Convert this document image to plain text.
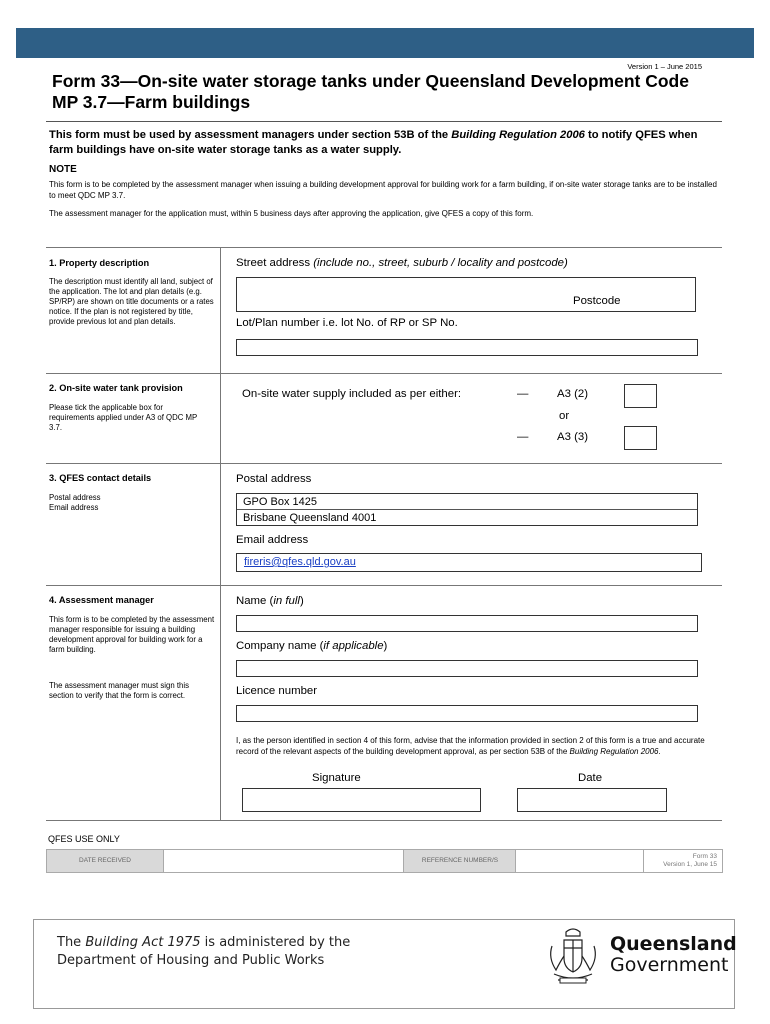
Version 1 – June 2015
Form 33—On-site water storage tanks under Queensland Development Code
MP 3.7—Farm buildings
This form must be used by assessment managers under section 53B of the Building Regulation 2006 to notify QFES when farm buildings have on-site water storage tanks as a water supply.
NOTE
This form is to be completed by the assessment manager when issuing a building development approval for building work for a farm building, if on-site water storage tanks are to be installed to meet QDC MP 3.7.
The assessment manager for the application must, within 5 business days after approving the application, give QFES a copy of this form.
1. Property description
The description must identify all land, subject of the application. The lot and plan details (e.g. SP/RP) are shown on title documents or a rates notice. If the plan is not registered by title, provide previous lot and plan details.
Street address (include no., street, suburb / locality and postcode)
Postcode
Lot/Plan number i.e. lot No. of RP or SP No.
2. On-site water tank provision
Please tick the applicable box for requirements applied under A3 of QDC MP 3.7.
On-site water supply included as per either:	—	A3 (2)
or
—	A3 (3)
3. QFES contact details
Postal address
Email address
Postal address
GPO Box 1425
Brisbane Queensland 4001
Email address
fireris@qfes.qld.gov.au
4. Assessment manager
This form is to be completed by the assessment manager responsible for issuing a building development approval for building work for a farm building.
The assessment manager must sign this section to verify that the form is correct.
Name (in full)
Company name (if applicable)
Licence number
I, as the person identified in section 4 of this form, advise that the information provided in section 2 of this form is a true and accurate record of the relevant aspects of the building development approval, as per section 53B of the Building Regulation 2006.
Signature	Date
QFES USE ONLY
DATE RECEIVED	REFERENCE NUMBER/S
Form 33
Version 1, June 15
The Building Act 1975 is administered by the
Department of Housing and Public Works
Queensland
Government
